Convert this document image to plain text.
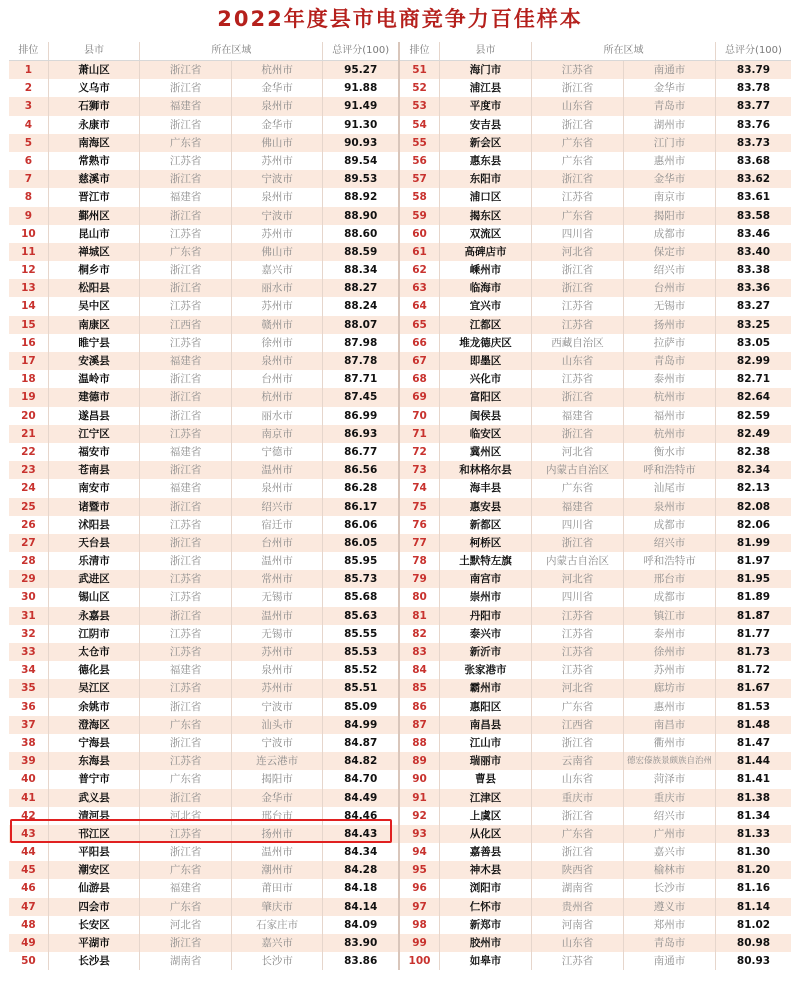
2022年度县市电商竞争力百佳样本
排位	县市	所在区域	总评分(100)
1	萧山区	浙江省	杭州市	95.27
2	义乌市	浙江省	金华市	91.88
3	石狮市	福建省	泉州市	91.49
4	永康市	浙江省	金华市	91.30
5	南海区	广东省	佛山市	90.93
6	常熟市	江苏省	苏州市	89.54
7	慈溪市	浙江省	宁波市	89.53
8	晋江市	福建省	泉州市	88.92
9	鄞州区	浙江省	宁波市	88.90
10	昆山市	江苏省	苏州市	88.60
11	禅城区	广东省	佛山市	88.59
12	桐乡市	浙江省	嘉兴市	88.34
13	松阳县	浙江省	丽水市	88.27
14	吴中区	江苏省	苏州市	88.24
15	南康区	江西省	赣州市	88.07
16	睢宁县	江苏省	徐州市	87.98
17	安溪县	福建省	泉州市	87.78
18	温岭市	浙江省	台州市	87.71
19	建德市	浙江省	杭州市	87.45
20	遂昌县	浙江省	丽水市	86.99
21	江宁区	江苏省	南京市	86.93
22	福安市	福建省	宁德市	86.77
23	苍南县	浙江省	温州市	86.56
24	南安市	福建省	泉州市	86.28
25	诸暨市	浙江省	绍兴市	86.17
26	沭阳县	江苏省	宿迁市	86.06
27	天台县	浙江省	台州市	86.05
28	乐清市	浙江省	温州市	85.95
29	武进区	江苏省	常州市	85.73
30	锡山区	江苏省	无锡市	85.68
31	永嘉县	浙江省	温州市	85.63
32	江阴市	江苏省	无锡市	85.55
33	太仓市	江苏省	苏州市	85.53
34	德化县	福建省	泉州市	85.52
35	吴江区	江苏省	苏州市	85.51
36	余姚市	浙江省	宁波市	85.09
37	澄海区	广东省	汕头市	84.99
38	宁海县	浙江省	宁波市	84.87
39	东海县	江苏省	连云港市	84.82
40	普宁市	广东省	揭阳市	84.70
41	武义县	浙江省	金华市	84.49
42	清河县	河北省	邢台市	84.46
43	邗江区	江苏省	扬州市	84.43
44	平阳县	浙江省	温州市	84.34
45	潮安区	广东省	潮州市	84.28
46	仙游县	福建省	莆田市	84.18
47	四会市	广东省	肇庆市	84.14
48	长安区	河北省	石家庄市	84.09
49	平湖市	浙江省	嘉兴市	83.90
50	长沙县	湖南省	长沙市	83.86
排位	县市	所在区域	总评分(100)
51	海门市	江苏省	南通市	83.79
52	浦江县	浙江省	金华市	83.78
53	平度市	山东省	青岛市	83.77
54	安吉县	浙江省	湖州市	83.76
55	新会区	广东省	江门市	83.73
56	惠东县	广东省	惠州市	83.68
57	东阳市	浙江省	金华市	83.62
58	浦口区	江苏省	南京市	83.61
59	揭东区	广东省	揭阳市	83.58
60	双流区	四川省	成都市	83.46
61	高碑店市	河北省	保定市	83.40
62	嵊州市	浙江省	绍兴市	83.38
63	临海市	浙江省	台州市	83.36
64	宜兴市	江苏省	无锡市	83.27
65	江都区	江苏省	扬州市	83.25
66	堆龙德庆区	西藏自治区	拉萨市	83.05
67	即墨区	山东省	青岛市	82.99
68	兴化市	江苏省	泰州市	82.71
69	富阳区	浙江省	杭州市	82.64
70	闽侯县	福建省	福州市	82.59
71	临安区	浙江省	杭州市	82.49
72	冀州区	河北省	衡水市	82.38
73	和林格尔县	内蒙古自治区	呼和浩特市	82.34
74	海丰县	广东省	汕尾市	82.13
75	惠安县	福建省	泉州市	82.08
76	新都区	四川省	成都市	82.06
77	柯桥区	浙江省	绍兴市	81.99
78	土默特左旗	内蒙古自治区	呼和浩特市	81.97
79	南宫市	河北省	邢台市	81.95
80	崇州市	四川省	成都市	81.89
81	丹阳市	江苏省	镇江市	81.87
82	泰兴市	江苏省	泰州市	81.77
83	新沂市	江苏省	徐州市	81.73
84	张家港市	江苏省	苏州市	81.72
85	霸州市	河北省	廊坊市	81.67
86	惠阳区	广东省	惠州市	81.53
87	南昌县	江西省	南昌市	81.48
88	江山市	浙江省	衢州市	81.47
89	瑞丽市	云南省	德宏傣族景颇族自治州	81.44
90	曹县	山东省	菏泽市	81.41
91	江津区	重庆市	重庆市	81.38
92	上虞区	浙江省	绍兴市	81.34
93	从化区	广东省	广州市	81.33
94	嘉善县	浙江省	嘉兴市	81.30
95	神木县	陕西省	榆林市	81.20
96	浏阳市	湖南省	长沙市	81.16
97	仁怀市	贵州省	遵义市	81.14
98	新郑市	河南省	郑州市	81.02
99	胶州市	山东省	青岛市	80.98
100	如皋市	江苏省	南通市	80.93
